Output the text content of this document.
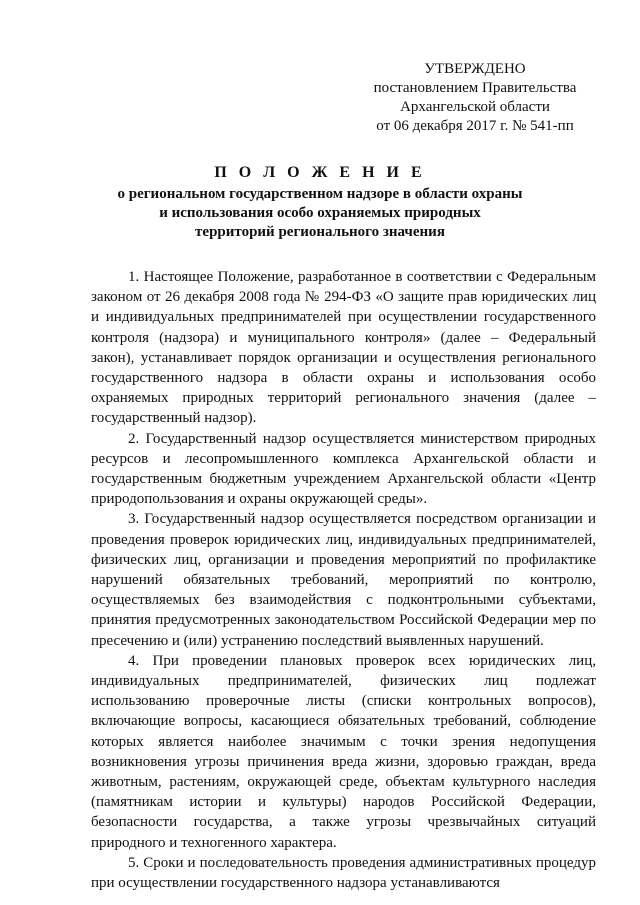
УТВЕРЖДЕНО
постановлением Правительства
Архангельской области
от 06 декабря 2017 г. № 541-пп
П О Л О Ж Е Н И Е
о региональном государственном надзоре в области охраны
и использования особо охраняемых природных
территорий регионального значения

1. Настоящее Положение, разработанное в соответствии с Федеральным законом от 26 декабря 2008 года № 294-ФЗ «О защите прав юридических лиц и индивидуальных предпринимателей при осуществлении государственного контроля (надзора) и муниципального контроля» (далее – Федеральный закон), устанавливает порядок организации и осуществления регионального государственного надзора в области охраны и использования особо охраняемых природных территорий регионального значения (далее – государственный надзор).

2. Государственный надзор осуществляется министерством природных ресурсов и лесопромышленного комплекса Архангельской области и государственным бюджетным учреждением Архангельской области «Центр природопользования и охраны окружающей среды».

3. Государственный надзор осуществляется посредством организации и проведения проверок юридических лиц, индивидуальных предпринимателей, физических лиц, организации и проведения мероприятий по профилактике нарушений обязательных требований, мероприятий по контролю, осуществляемых без взаимодействия с подконтрольными субъектами, принятия предусмотренных законодательством Российской Федерации мер по пресечению и (или) устранению последствий выявленных нарушений.

4. При проведении плановых проверок всех юридических лиц, индивидуальных предпринимателей, физических лиц подлежат использованию проверочные листы (списки контрольных вопросов), включающие вопросы, касающиеся обязательных требований, соблюдение которых является наиболее значимым с точки зрения недопущения возникновения угрозы причинения вреда жизни, здоровью граждан, вреда животным, растениям, окружающей среде, объектам культурного наследия (памятникам истории и культуры) народов Российской Федерации, безопасности государства, а также угрозы чрезвычайных ситуаций природного и техногенного характера.

5. Сроки и последовательность проведения административных процедур при осуществлении государственного надзора устанавливаются
